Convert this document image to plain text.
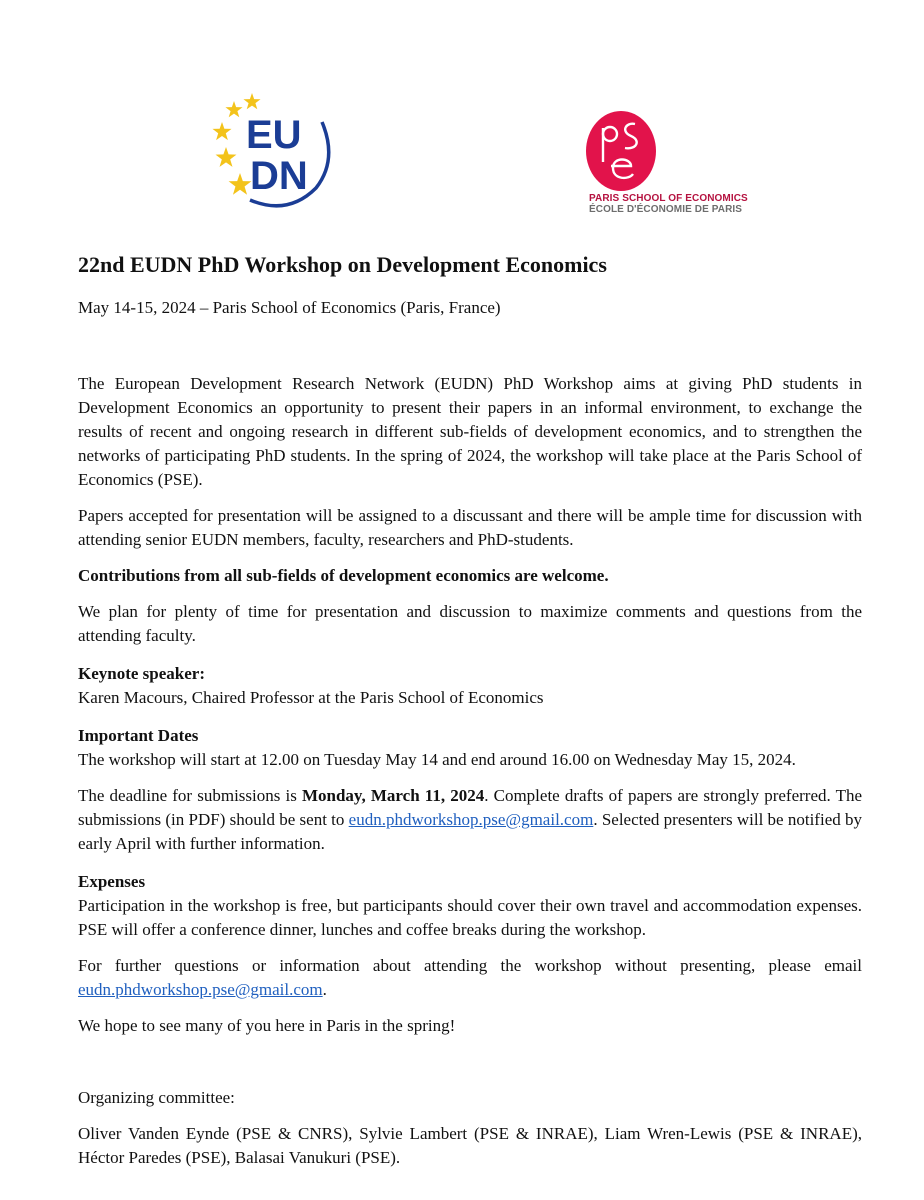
EU
DN
PARIS SCHOOL OF ECONOMICS
ÉCOLE D'ÉCONOMIE DE PARIS
22nd EUDN PhD Workshop on Development Economics

May 14-15, 2024 – Paris School of Economics (Paris, France)

The European Development Research Network (EUDN) PhD Workshop aims at giving PhD students in Development Economics an opportunity to present their papers in an informal environment, to exchange the results of recent and ongoing research in different sub-fields of development economics, and to strengthen the networks of participating PhD students. In the spring of 2024, the workshop will take place at the Paris School of Economics (PSE).

Papers accepted for presentation will be assigned to a discussant and there will be ample time for discussion with attending senior EUDN members, faculty, researchers and PhD-students.

Contributions from all sub-fields of development economics are welcome.

We plan for plenty of time for presentation and discussion to maximize comments and questions from the attending faculty.

Keynote speaker:

Karen Macours, Chaired Professor at the Paris School of Economics

Important Dates

The workshop will start at 12.00 on Tuesday May 14 and end around 16.00 on Wednesday May 15, 2024.

The deadline for submissions is Monday, March 11, 2024. Complete drafts of papers are strongly preferred. The submissions (in PDF) should be sent to eudn.phdworkshop.pse@gmail.com. Selected presenters will be notified by early April with further information.

Expenses

Participation in the workshop is free, but participants should cover their own travel and accommodation expenses. PSE will offer a conference dinner, lunches and coffee breaks during the workshop.

For further questions or information about attending the workshop without presenting, please email eudn.phdworkshop.pse@gmail.com.

We hope to see many of you here in Paris in the spring!

Organizing committee:

Oliver Vanden Eynde (PSE & CNRS), Sylvie Lambert (PSE & INRAE), Liam Wren-Lewis (PSE & INRAE), Héctor Paredes (PSE), Balasai Vanukuri (PSE).
